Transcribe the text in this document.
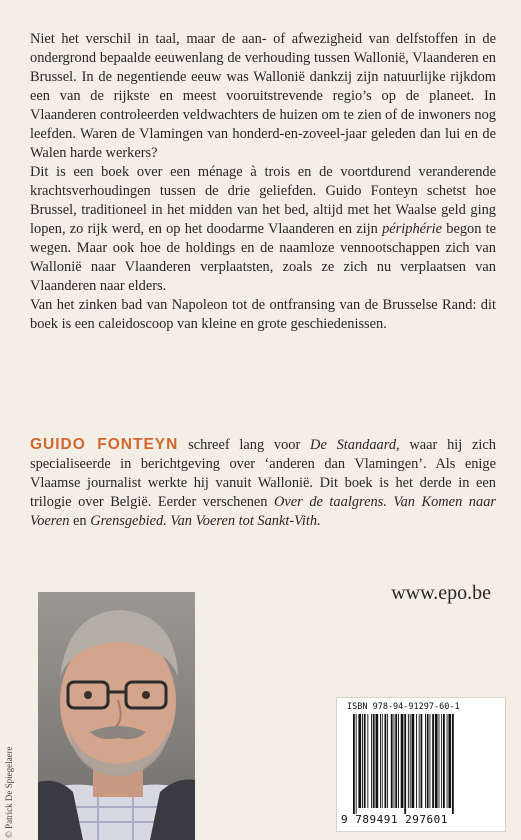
Niet het verschil in taal, maar de aan- of afwezigheid van delfstoffen in de ondergrond bepaalde eeuwenlang de verhouding tussen Wallonië, Vlaanderen en Brussel. In de negentiende eeuw was Wallonië dankzij zijn natuurlijke rijkdom een van de rijkste en meest vooruitstrevende regio’s op de planeet. In Vlaanderen controleerden veldwachters de huizen om te zien of de inwoners nog leefden. Waren de Vlamingen van honderd-en-zoveel-jaar geleden dan lui en de Walen harde werkers?

Dit is een boek over een ménage à trois en de voortdurend veranderende krachtsverhoudingen tussen de drie geliefden. Guido Fonteyn schetst hoe Brussel, traditioneel in het midden van het bed, altijd met het Waalse geld ging lopen, zo rijk werd, en op het doodarme Vlaanderen en zijn périphérie begon te wegen. Maar ook hoe de holdings en de naamloze vennootschappen zich van Wallonië naar Vlaanderen verplaatsten, zoals ze zich nu verplaatsen van Vlaanderen naar elders.

Van het zinken bad van Napoleon tot de ontfransing van de Brusselse Rand: dit boek is een caleidoscoop van kleine en grote geschiedenissen.

GUIDO FONTEYN schreef lang voor De Standaard, waar hij zich specialiseerde in berichtgeving over ‘anderen dan Vlamingen’. Als enige Vlaamse journalist werkte hij vanuit Wallonië. Dit boek is het derde in een trilogie over België. Eerder verschenen Over de taalgrens. Van Komen naar Voeren en Grensgebied. Van Voeren tot Sankt-Vith.

www.epo.be
© Patrick De Spiegelaere
ISBN 978-94-91297-60-1
9 789491 297601
